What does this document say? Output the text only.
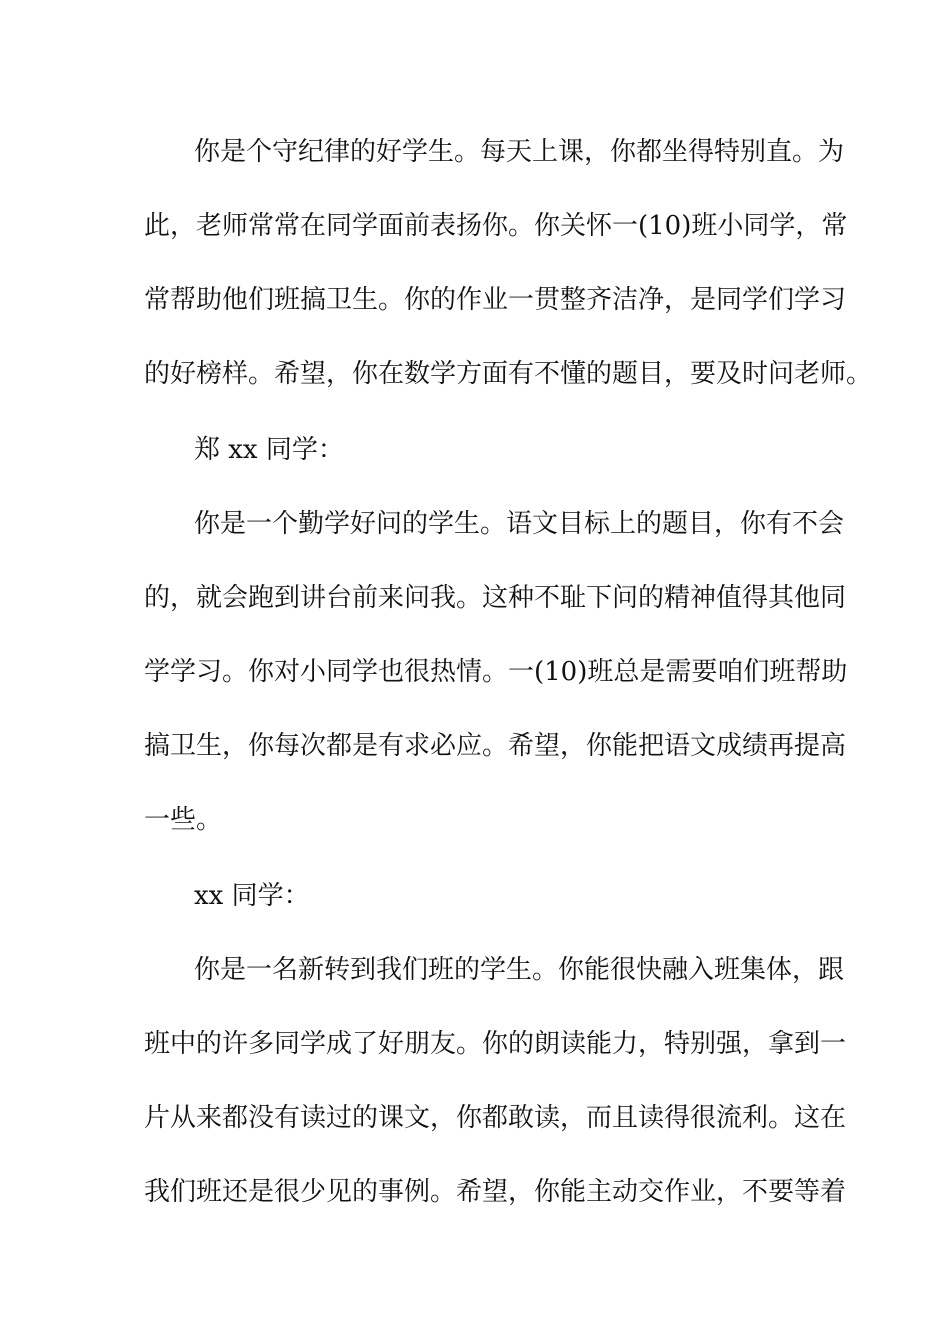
你是个守纪律的好学生。每天上课，你都坐得特别直。为
此，老师常常在同学面前表扬你。你关怀一(10)班小同学，常
常帮助他们班搞卫生。你的作业一贯整齐洁净，是同学们学习
的好榜样。希望，你在数学方面有不懂的题目，要及时问老师。
郑 xx 同学：
你是一个勤学好问的学生。语文目标上的题目，你有不会
的，就会跑到讲台前来问我。这种不耻下问的精神值得其他同
学学习。你对小同学也很热情。一(10)班总是需要咱们班帮助
搞卫生，你每次都是有求必应。希望，你能把语文成绩再提高
一些。
xx 同学：
你是一名新转到我们班的学生。你能很快融入班集体，跟
班中的许多同学成了好朋友。你的朗读能力，特别强，拿到一
片从来都没有读过的课文，你都敢读，而且读得很流利。这在
我们班还是很少见的事例。希望，你能主动交作业，不要等着
